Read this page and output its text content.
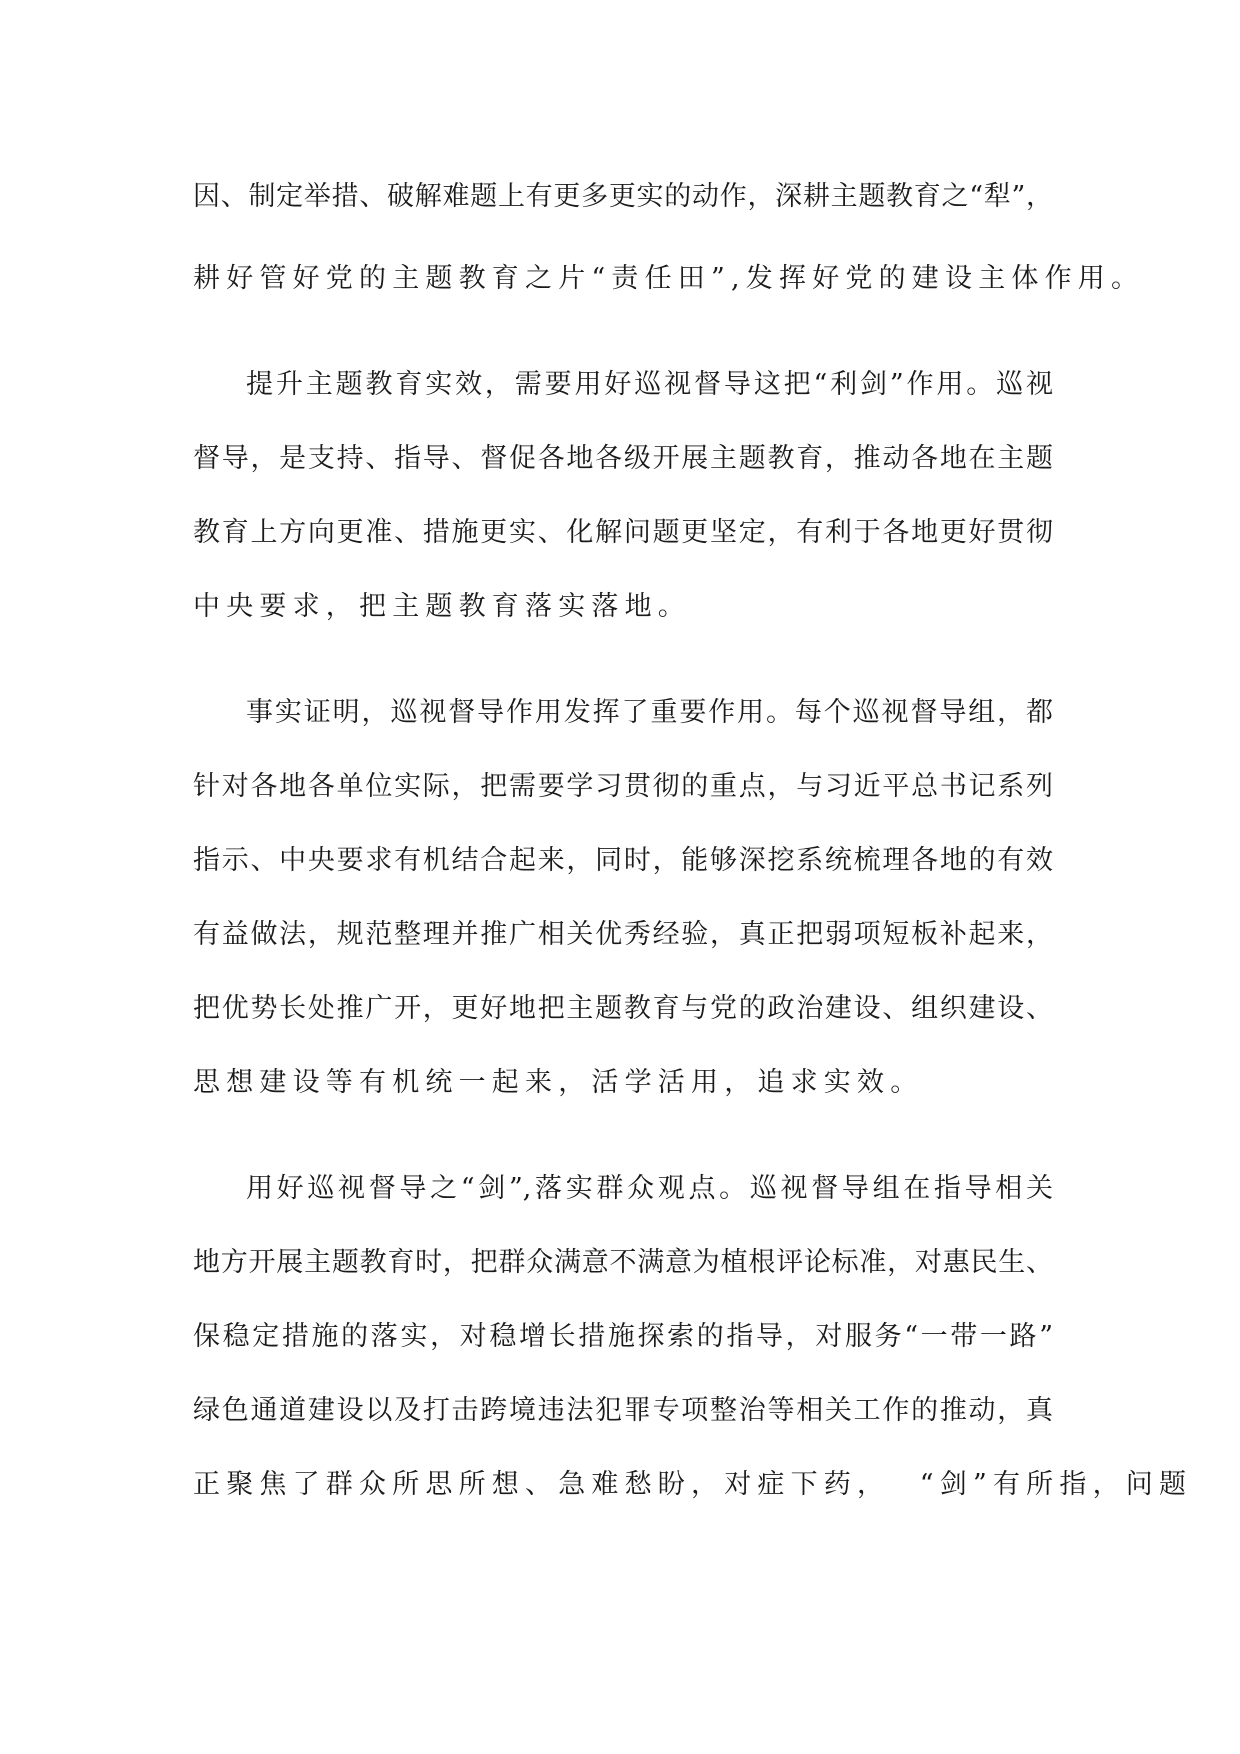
因、制定举措、破解难题上有更多更实的动作，深耕主题教育之“犁”，
耕好管好党的主题教育之片“责任田”,发挥好党的建设主体作用。
提升主题教育实效，需要用好巡视督导这把“利剑”作用。巡视
督导，是支持、指导、督促各地各级开展主题教育，推动各地在主题
教育上方向更准、措施更实、化解问题更坚定，有利于各地更好贯彻
中央要求，把主题教育落实落地。
事实证明，巡视督导作用发挥了重要作用。每个巡视督导组，都
针对各地各单位实际，把需要学习贯彻的重点，与习近平总书记系列
指示、中央要求有机结合起来，同时，能够深挖系统梳理各地的有效
有益做法，规范整理并推广相关优秀经验，真正把弱项短板补起来，
把优势长处推广开，更好地把主题教育与党的政治建设、组织建设、
思想建设等有机统一起来，活学活用，追求实效。
用好巡视督导之“剑”,落实群众观点。巡视督导组在指导相关
地方开展主题教育时，把群众满意不满意为植根评论标准，对惠民生、
保稳定措施的落实，对稳增长措施探索的指导，对服务“一带一路”
绿色通道建设以及打击跨境违法犯罪专项整治等相关工作的推动，真
正聚焦了群众所思所想、急难愁盼，对症下药，  “剑”有所指，问题
